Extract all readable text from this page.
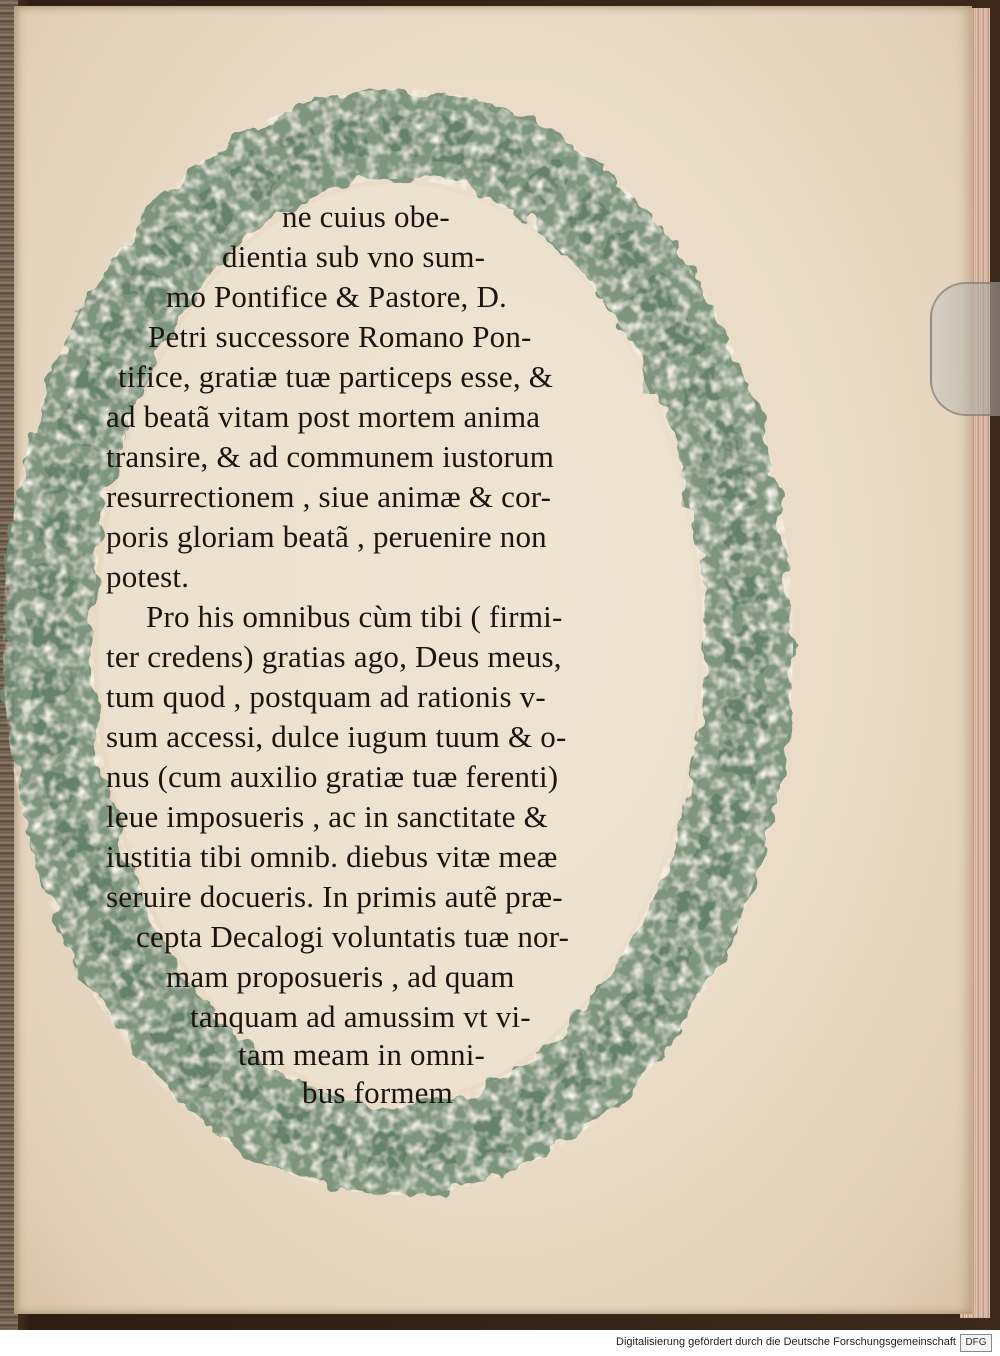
ne cuius obe-
dientia sub vno sum-
mo Pontifice & Pastore, D.
Petri successore Romano Pon-
tifice, gratiæ tuæ particeps esse, &
ad beatã vitam post mortem anima
transire, & ad communem iustorum
resurrectionem , siue animæ & cor-
poris gloriam beatã , peruenire non
potest.
Pro his omnibus cùm tibi ( firmi-
ter credens) gratias ago, Deus meus,
tum quod , postquam ad rationis v-
sum accessi, dulce iugum tuum & o-
nus (cum auxilio gratiæ tuæ ferenti)
leue imposueris , ac in sanctitate &
iustitia tibi omnib. diebus vitæ meæ
seruire docueris. In primis autẽ præ-
cepta Decalogi voluntatis tuæ nor-
mam proposueris , ad quam
tanquam ad amussim vt vi-
tam meam in omni-
bus formem
Digitalisierung gefördert durch die Deutsche Forschungsgemeinschaft DFG
